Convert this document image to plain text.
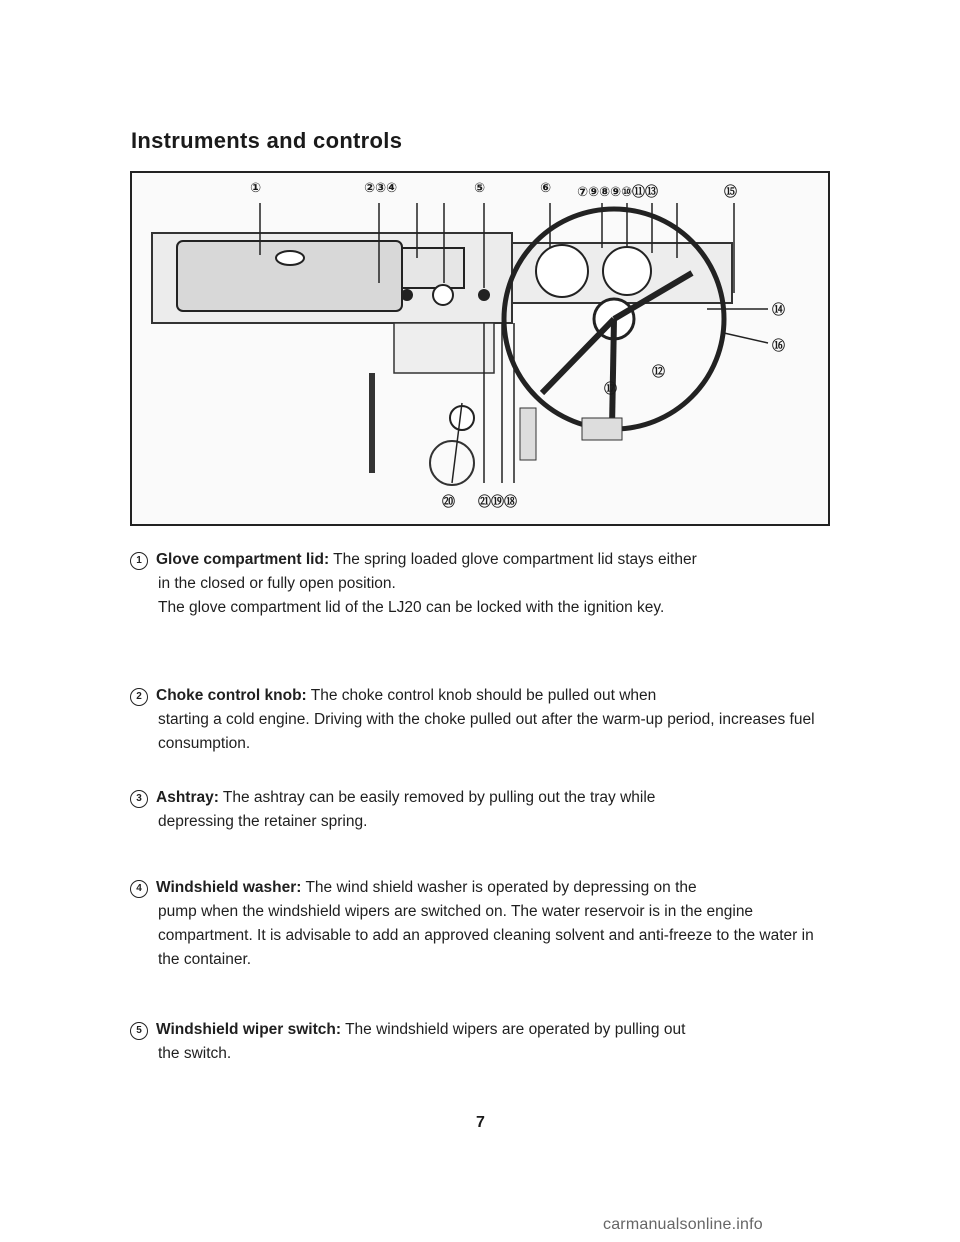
Instruments and controls
①	②③④	⑤	⑥ ⑦⑨⑧⑨⑩⑪⑬	⑮
⑭
⑯
⑫
⑰
⑳ ㉑⑲⑱
1 Glove compartment lid: The spring loaded glove compartment lid stays either
in the closed or fully open position.
The glove compartment lid of the LJ20 can be locked with the ignition key.
2 Choke control knob: The choke control knob should be pulled out when
starting a cold engine. Driving with the choke pulled out after the warm-up period, increases fuel consumption.
3 Ashtray: The ashtray can be easily removed by pulling out the tray while
depressing the retainer spring.
4 Windshield washer: The wind shield washer is operated by depressing on the
pump when the windshield wipers are switched on. The water reservoir is in the engine compartment. It is advisable to add an approved cleaning solvent and anti-freeze to the water in the container.
5 Windshield wiper switch: The windshield wipers are operated by pulling out
the switch.
7
carmanualsonline.info
